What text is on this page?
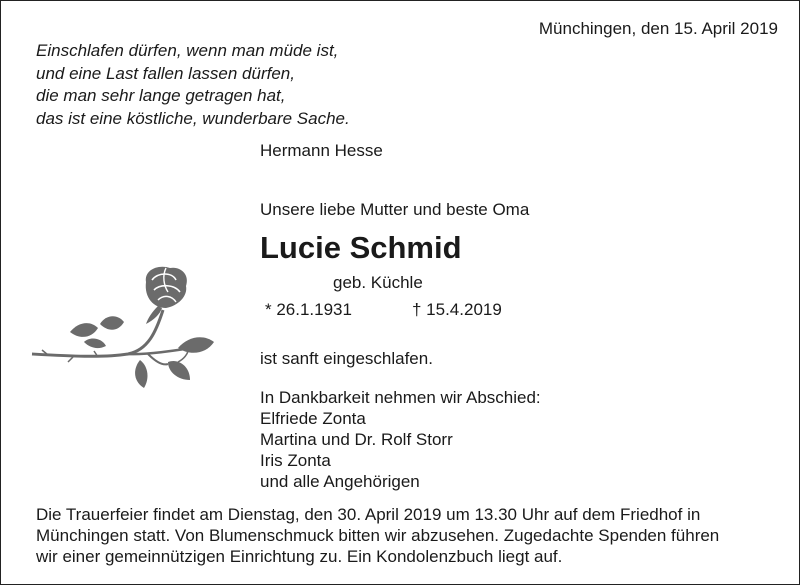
Münchingen, den 15. April 2019
Einschlafen dürfen, wenn man müde ist,
und eine Last fallen lassen dürfen,
die man sehr lange getragen hat,
das ist eine köstliche, wunderbare Sache.
Hermann Hesse
Unsere liebe Mutter und beste Oma
Lucie Schmid
geb. Küchle
* 26.1.1931	† 15.4.2019
ist sanft eingeschlafen.
In Dankbarkeit nehmen wir Abschied:
Elfriede Zonta
Martina und Dr. Rolf Storr
Iris Zonta
und alle Angehörigen
Die Trauerfeier findet am Dienstag, den 30. April 2019 um 13.30 Uhr auf dem Friedhof in
Münchingen statt. Von Blumenschmuck bitten wir abzusehen. Zugedachte Spenden führen
wir einer gemeinnützigen Einrichtung zu. Ein Kondolenzbuch liegt auf.
